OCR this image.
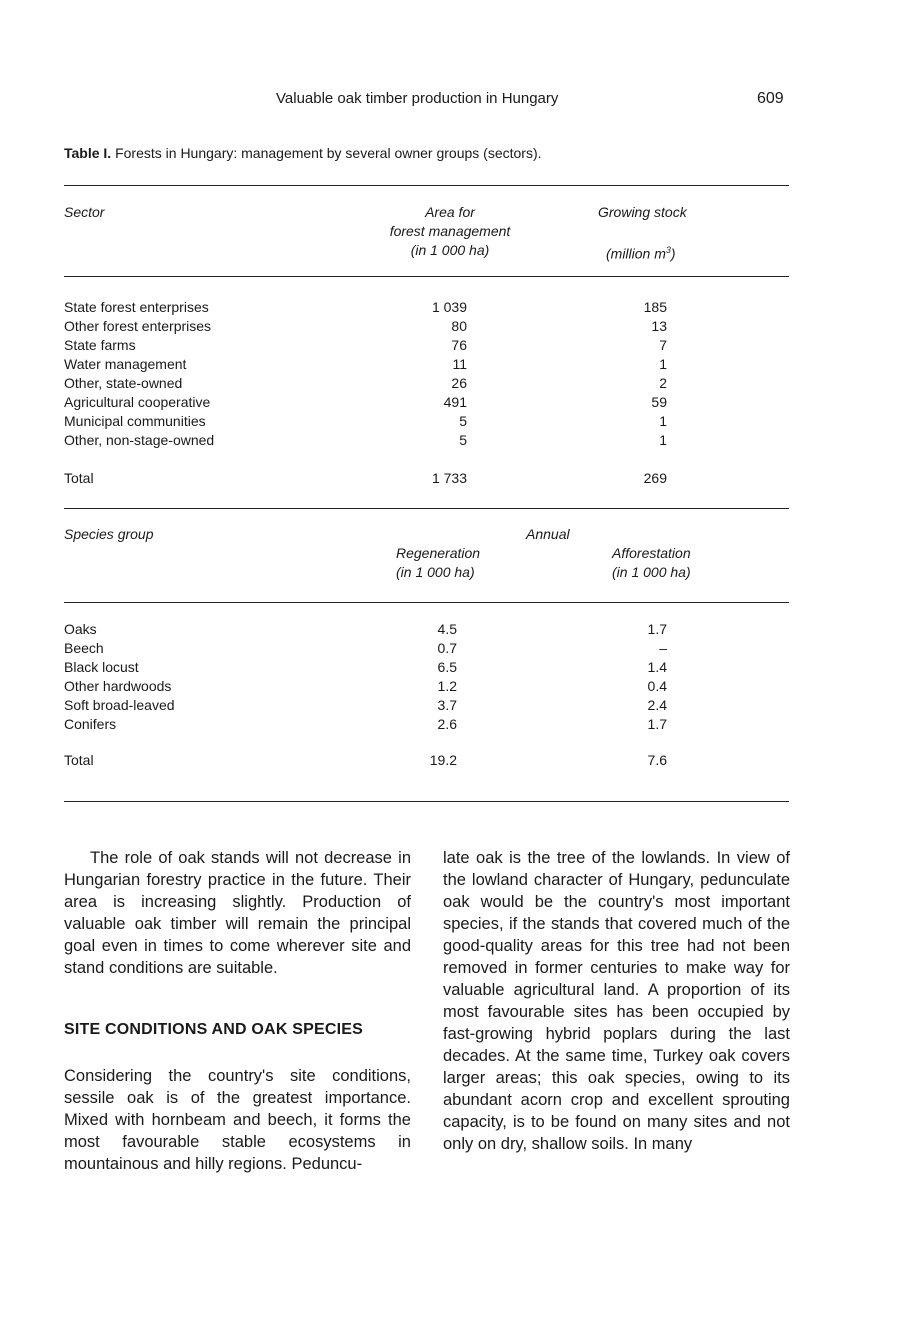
Valuable oak timber production in Hungary	609
Table I. Forests in Hungary: management by several owner groups (sectors).
Sector	Area for
forest management
(in 1 000 ha)
Growing stock
(million $m^3$)
State forest enterprises	1 039	185
Other forest enterprises	80	13
State farms	76	7
Water management	11	1
Other, state-owned	26	2
Agricultural cooperative	491	59
Municipal communities	5	1
Other, non-stage-owned	5	1
Total	1 733	269
Species group	Annual
Regeneration
(in 1 000 ha)
Afforestation
(in 1 000 ha)
Oaks	4.5	1.7
Beech	0.7	–
Black locust	6.5	1.4
Other hardwoods	1.2	0.4
Soft broad-leaved	3.7	2.4
Conifers	2.6	1.7
Total	19.2	7.6

The role of oak stands will not decrease in Hungarian forestry practice in the future. Their area is increasing slightly. Production of valuable oak timber will remain the principal goal even in times to come wherever site and stand conditions are suitable.

SITE CONDITIONS AND OAK SPECIES

Considering the country's site conditions, sessile oak is of the greatest importance. Mixed with hornbeam and beech, it forms the most favourable stable ecosystems in mountainous and hilly regions. Peduncu-

late oak is the tree of the lowlands. In view of the lowland character of Hungary, pedunculate oak would be the country's most important species, if the stands that covered much of the good-quality areas for this tree had not been removed in former centuries to make way for valuable agricultural land. A proportion of its most favourable sites has been occupied by fast-growing hybrid poplars during the last decades. At the same time, Turkey oak covers larger areas; this oak species, owing to its abundant acorn crop and excellent sprouting capacity, is to be found on many sites and not only on dry, shallow soils. In many
